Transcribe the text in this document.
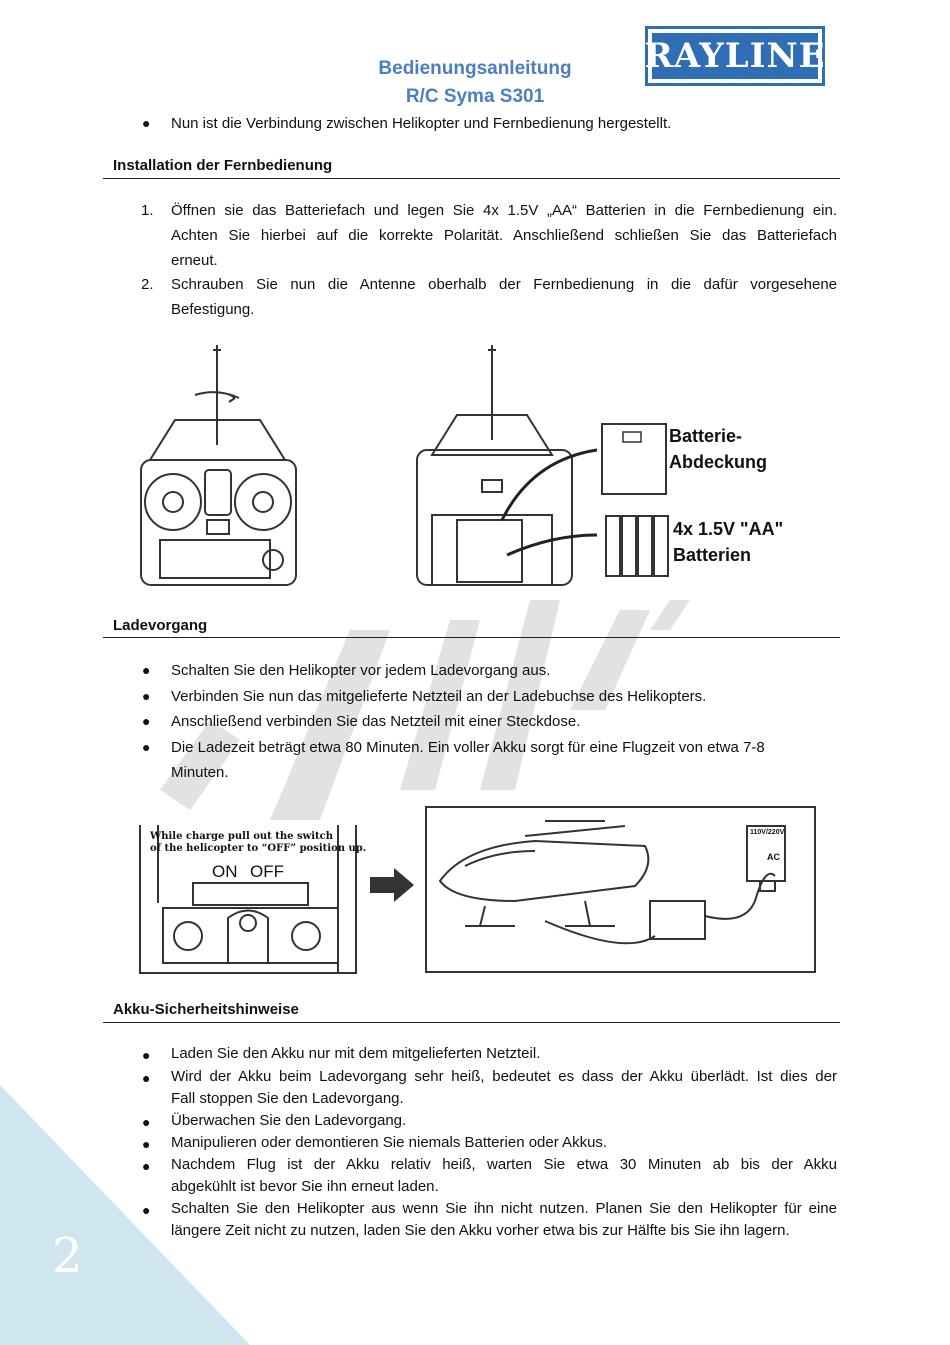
2
Bedienungsanleitung
R/C Syma S301
RAYLINE
● Nun ist die Verbindung zwischen Helikopter und Fernbedienung hergestellt.
Installation der Fernbedienung
1. Öffnen sie das Batteriefach und legen Sie 4x 1.5V „AA“ Batterien in die Fernbedienung ein.
Achten Sie hierbei auf die korrekte Polarität. Anschließend schließen Sie das Batteriefach
erneut.
2. Schrauben Sie nun die Antenne oberhalb der Fernbedienung in die dafür vorgesehene
Befestigung.
Batterie-
Abdeckung
4x 1.5V "AA"
Batterien
Ladevorgang
● Schalten Sie den Helikopter vor jedem Ladevorgang aus.
● Verbinden Sie nun das mitgelieferte Netzteil an der Ladebuchse des Helikopters.
● Anschließend verbinden Sie das Netzteil mit einer Steckdose.
● Die Ladezeit beträgt etwa 80 Minuten. Ein voller Akku sorgt für eine Flugzeit von etwa 7-8
Minuten.
While charge pull out the switch
of the helicopter to “OFF” position up.
ON OFF
110V/220V
AC
Akku-Sicherheitshinweise
● Laden Sie den Akku nur mit dem mitgelieferten Netzteil.
● Wird der Akku beim Ladevorgang sehr heiß, bedeutet es dass der Akku überlädt. Ist dies der
Fall stoppen Sie den Ladevorgang.
● Überwachen Sie den Ladevorgang.
● Manipulieren oder demontieren Sie niemals Batterien oder Akkus.
● Nachdem Flug ist der Akku relativ heiß, warten Sie etwa 30 Minuten ab bis der Akku
abgekühlt ist bevor Sie ihn erneut laden.
● Schalten Sie den Helikopter aus wenn Sie ihn nicht nutzen. Planen Sie den Helikopter für eine
längere Zeit nicht zu nutzen, laden Sie den Akku vorher etwa bis zur Hälfte bis Sie ihn lagern.
